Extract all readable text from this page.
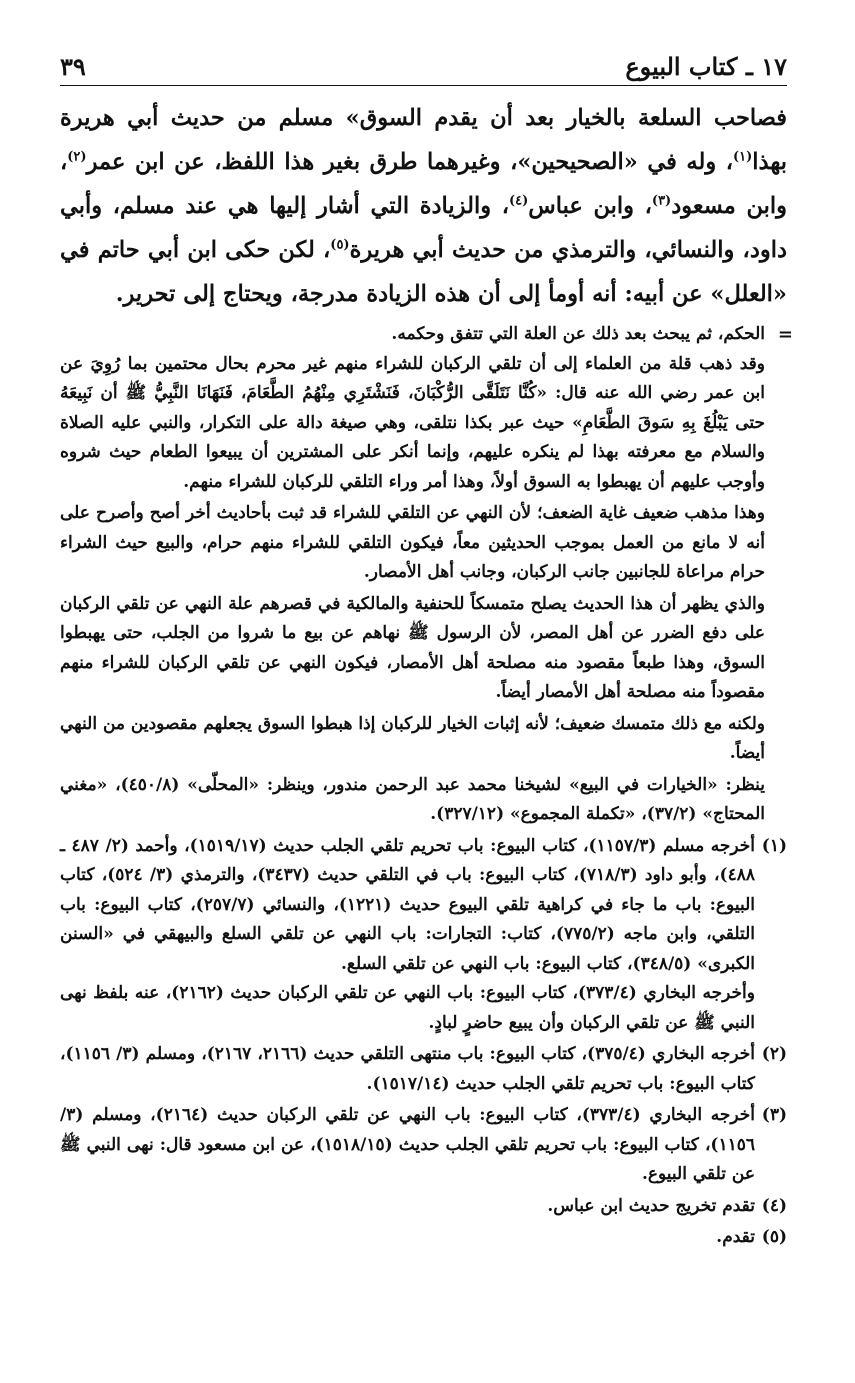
١٧ ـ كتاب البيوع
٣٩

فصاحب السلعة بالخيار بعد أن يقدم السوق» مسلم من حديث أبي هريرة بهذا$^{(١)}$، وله في «الصحيحين»، وغيرهما طرق بغير هذا اللفظ، عن ابن عمر$^{(٢)}$، وابن مسعود$^{(٣)}$، وابن عباس$^{(٤)}$، والزيادة التي أشار إليها هي عند مسلم، وأبي داود، والنسائي، والترمذي من حديث أبي هريرة$^{(٥)}$، لكن حكى ابن أبي حاتم في «العلل» عن أبيه: أنه أومأ إلى أن هذه الزيادة مدرجة، ويحتاج إلى تحرير.

=
الحكم، ثم يبحث بعد ذلك عن العلة التي تتفق وحكمه.

وقد ذهب قلة من العلماء إلى أن تلقي الركبان للشراء منهم غير محرم بحال محتمين بما رُوِيَ عن ابن عمر رضي الله عنه قال: «كُنَّا نَتَلَقَّى الرُّكْبَانَ، فَنَشْتَرِي مِنْهُمُ الطَّعَامَ، فَنَهَانَا النَّبِيُّ ﷺ أن نَبِيعَهُ حتى يَبْلُغَ بِهِ سَوقَ الطَّعَامِ» حيث عبر بكذا نتلقى، وهي صيغة دالة على التكرار، والنبي عليه الصلاة والسلام مع معرفته بهذا لم ينكره عليهم، وإنما أنكر على المشترين أن يبيعوا الطعام حيث شروه وأوجب عليهم أن يهبطوا به السوق أولاً، وهذا أمر وراء التلقي للركبان للشراء منهم.

وهذا مذهب ضعيف غاية الضعف؛ لأن النهي عن التلقي للشراء قد ثبت بأحاديث أخر أصح وأصرح على أنه لا مانع من العمل بموجب الحديثين معاً، فيكون التلقي للشراء منهم حرام، والبيع حيث الشراء حرام مراعاة للجانبين جانب الركبان، وجانب أهل الأمصار.

والذي يظهر أن هذا الحديث يصلح متمسكاً للحنفية والمالكية في قصرهم علة النهي عن تلقي الركبان على دفع الضرر عن أهل المصر، لأن الرسول ﷺ نهاهم عن بيع ما شروا من الجلب، حتى يهبطوا السوق، وهذا طبعاً مقصود منه مصلحة أهل الأمصار، فيكون النهي عن تلقي الركبان للشراء منهم مقصوداً منه مصلحة أهل الأمصار أيضاً.

ولكنه مع ذلك متمسك ضعيف؛ لأنه إثبات الخيار للركبان إذا هبطوا السوق يجعلهم مقصودين من النهي أيضاً.

ينظر: «الخيارات في البيع» لشيخنا محمد عبد الرحمن مندور، وينظر: «المحلّى» (٤٥٠/٨)، «مغني المحتاج» (٣٧/٢)، «تكملة المجموع» (٣٢٧/١٢).

(١)
أخرجه مسلم (١١٥٧/٣)، كتاب البيوع: باب تحريم تلقي الجلب حديث (١٥١٩/١٧)، وأحمد (٢/ ٤٨٧ ـ ٤٨٨)، وأبو داود (٧١٨/٣)، كتاب البيوع: باب في التلقي حديث (٣٤٣٧)، والترمذي (٣/ ٥٢٤)، كتاب البيوع: باب ما جاء في كراهية تلقي البيوع حديث (١٢٢١)، والنسائي (٢٥٧/٧)، كتاب البيوع: باب التلقي، وابن ماجه (٧٧٥/٢)، كتاب: التجارات: باب النهي عن تلقي السلع والبيهقي في «السنن الكبرى» (٣٤٨/٥)، كتاب البيوع: باب النهي عن تلقي السلع.

وأخرجه البخاري (٣٧٣/٤)، كتاب البيوع: باب النهي عن تلقي الركبان حديث (٢١٦٢)، عنه بلفظ نهى النبي ﷺ عن تلقي الركبان وأن يبيع حاضرٍ لبادٍ.

(٢)
أخرجه البخاري (٣٧٥/٤)، كتاب البيوع: باب منتهى التلقي حديث (٢١٦٦، ٢١٦٧)، ومسلم (٣/ ١١٥٦)، كتاب البيوع: باب تحريم تلقي الجلب حديث (١٥١٧/١٤).

(٣)
أخرجه البخاري (٣٧٣/٤)، كتاب البيوع: باب النهي عن تلقي الركبان حديث (٢١٦٤)، ومسلم (٣/ ١١٥٦)، كتاب البيوع: باب تحريم تلقي الجلب حديث (١٥١٨/١٥)، عن ابن مسعود قال: نهى النبي ﷺ عن تلقي البيوع.

(٤)
تقدم تخريج حديث ابن عباس.

(٥)
تقدم.
